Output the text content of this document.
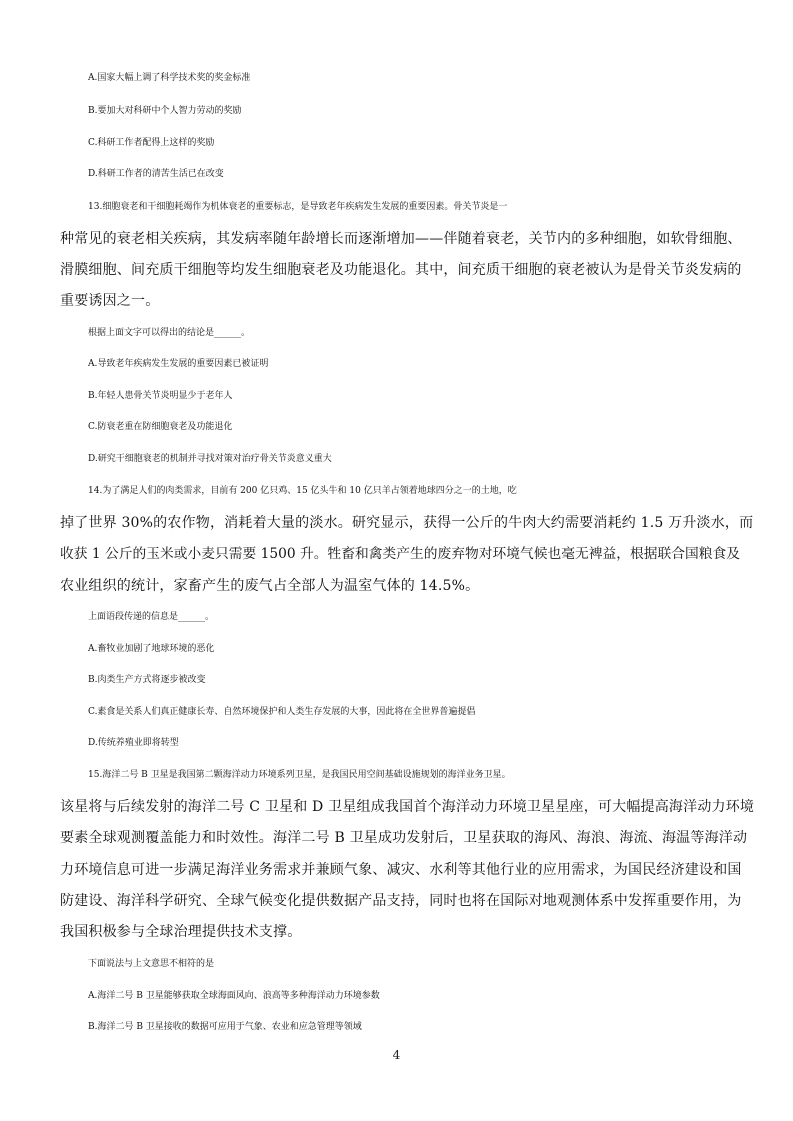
A.国家大幅上调了科学技术奖的奖金标准
B.要加大对科研中个人智力劳动的奖励
C.科研工作者配得上这样的奖励
D.科研工作者的清苦生活已在改变
13.细胞衰老和干细胞耗竭作为机体衰老的重要标志，是导致老年疾病发生发展的重要因素。骨关节炎是一
种常见的衰老相关疾病，其发病率随年龄增长而逐渐增加——伴随着衰老，关节内的多种细胞，如软骨细胞、
滑膜细胞、间充质干细胞等均发生细胞衰老及功能退化。其中，间充质干细胞的衰老被认为是骨关节炎发病的
重要诱因之一。
根据上面文字可以得出的结论是______。
A.导致老年疾病发生发展的重要因素已被证明
B.年轻人患骨关节炎明显少于老年人
C.防衰老重在防细胞衰老及功能退化
D.研究干细胞衰老的机制并寻找对策对治疗骨关节炎意义重大
14.为了满足人们的肉类需求，目前有 200 亿只鸡、15 亿头牛和 10 亿只羊占领着地球四分之一的土地，吃
掉了世界 30%的农作物，消耗着大量的淡水。研究显示，获得一公斤的牛肉大约需要消耗约 1.5 万升淡水，而
收获 1 公斤的玉米或小麦只需要 1500 升。牲畜和禽类产生的废弃物对环境气候也毫无裨益，根据联合国粮食及
农业组织的统计，家畜产生的废气占全部人为温室气体的 14.5%。
上面语段传递的信息是______。
A.畜牧业加剧了地球环境的恶化
B.肉类生产方式将逐步被改变
C.素食是关系人们真正健康长寿、自然环境保护和人类生存发展的大事，因此将在全世界普遍提倡
D.传统养殖业即将转型
15.海洋二号 B 卫星是我国第二颗海洋动力环境系列卫星，是我国民用空间基础设施规划的海洋业务卫星。
该星将与后续发射的海洋二号 C 卫星和 D 卫星组成我国首个海洋动力环境卫星星座，可大幅提高海洋动力环境
要素全球观测覆盖能力和时效性。海洋二号 B 卫星成功发射后，卫星获取的海风、海浪、海流、海温等海洋动
力环境信息可进一步满足海洋业务需求并兼顾气象、减灾、水利等其他行业的应用需求，为国民经济建设和国
防建设、海洋科学研究、全球气候变化提供数据产品支持，同时也将在国际对地观测体系中发挥重要作用，为
我国积极参与全球治理提供技术支撑。
下面说法与上文意思不相符的是
A.海洋二号 B 卫星能够获取全球海面风向、浪高等多种海洋动力环境参数
B.海洋二号 B 卫星接收的数据可应用于气象、农业和应急管理等领域
4
